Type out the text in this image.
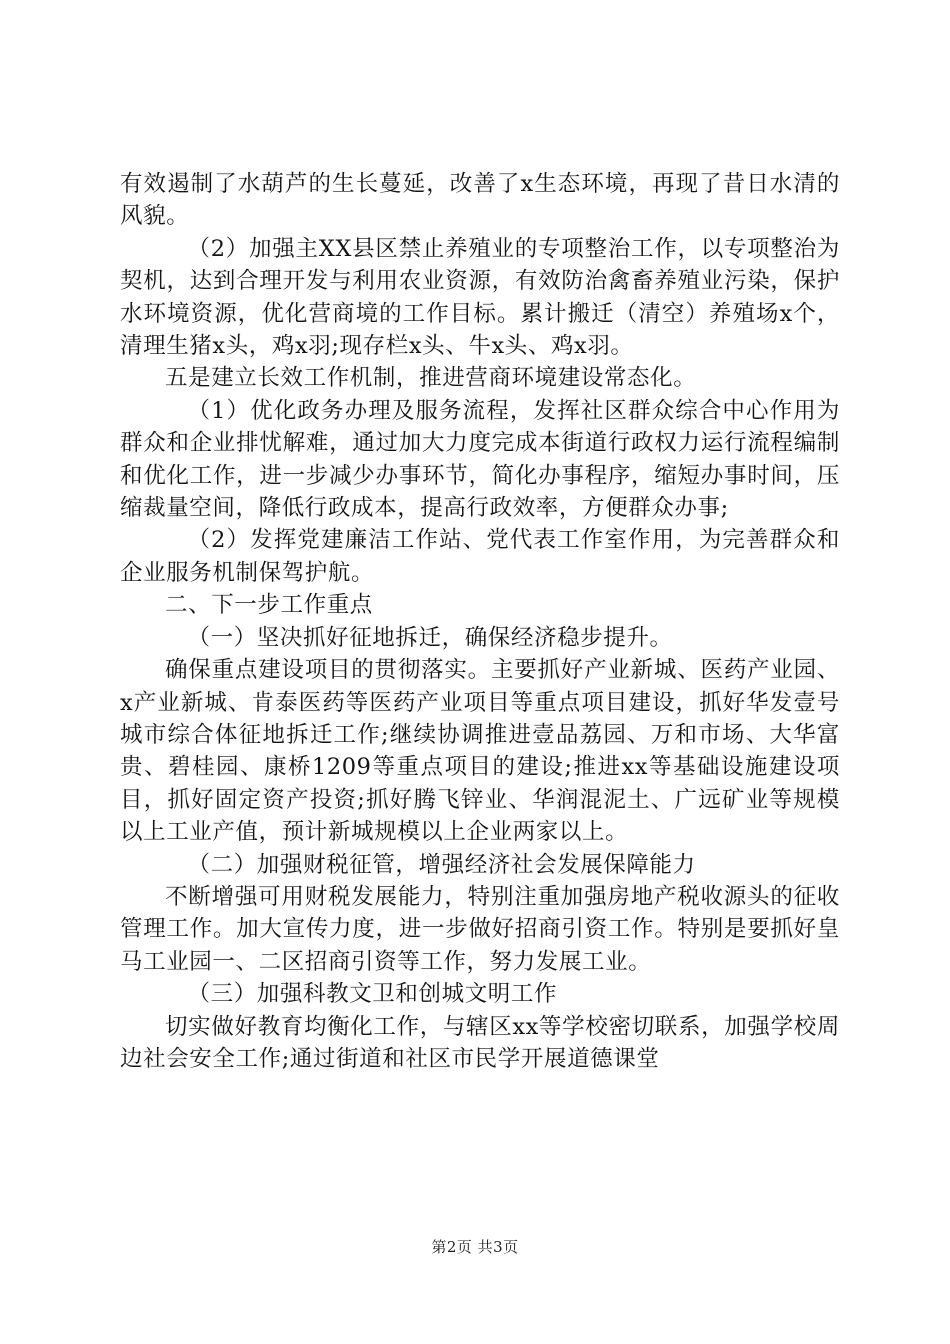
有效遏制了水葫芦的生长蔓延，改善了x生态环境，再现了昔日水清的风貌。

（2）加强主XX县区禁止养殖业的专项整治工作，以专项整治为契机，达到合理开发与利用农业资源，有效防治禽畜养殖业污染，保护水环境资源，优化营商境的工作目标。累计搬迁（清空）养殖场x个，清理生猪x头，鸡x羽;现存栏x头、牛x头、鸡x羽。

五是建立长效工作机制，推进营商环境建设常态化。

（1）优化政务办理及服务流程，发挥社区群众综合中心作用为群众和企业排忧解难，通过加大力度完成本街道行政权力运行流程编制和优化工作，进一步减少办事环节，简化办事程序，缩短办事时间，压缩裁量空间，降低行政成本，提高行政效率，方便群众办事;

（2）发挥党建廉洁工作站、党代表工作室作用，为完善群众和企业服务机制保驾护航。

二、下一步工作重点

（一）坚决抓好征地拆迁，确保经济稳步提升。

确保重点建设项目的贯彻落实。主要抓好产业新城、医药产业园、x产业新城、肯泰医药等医药产业项目等重点项目建设，抓好华发壹号城市综合体征地拆迁工作;继续协调推进壹品荔园、万和市场、大华富贵、碧桂园、康桥1209等重点项目的建设;推进xx等基础设施建设项目，抓好固定资产投资;抓好腾飞锌业、华润混泥土、广远矿业等规模以上工业产值，预计新城规模以上企业两家以上。

（二）加强财税征管，增强经济社会发展保障能力

不断增强可用财税发展能力，特别注重加强房地产税收源头的征收管理工作。加大宣传力度，进一步做好招商引资工作。特别是要抓好皇马工业园一、二区招商引资等工作，努力发展工业。

（三）加强科教文卫和创城文明工作

切实做好教育均衡化工作，与辖区xx等学校密切联系，加强学校周边社会安全工作;通过街道和社区市民学开展道德课堂

第2页 共3页
